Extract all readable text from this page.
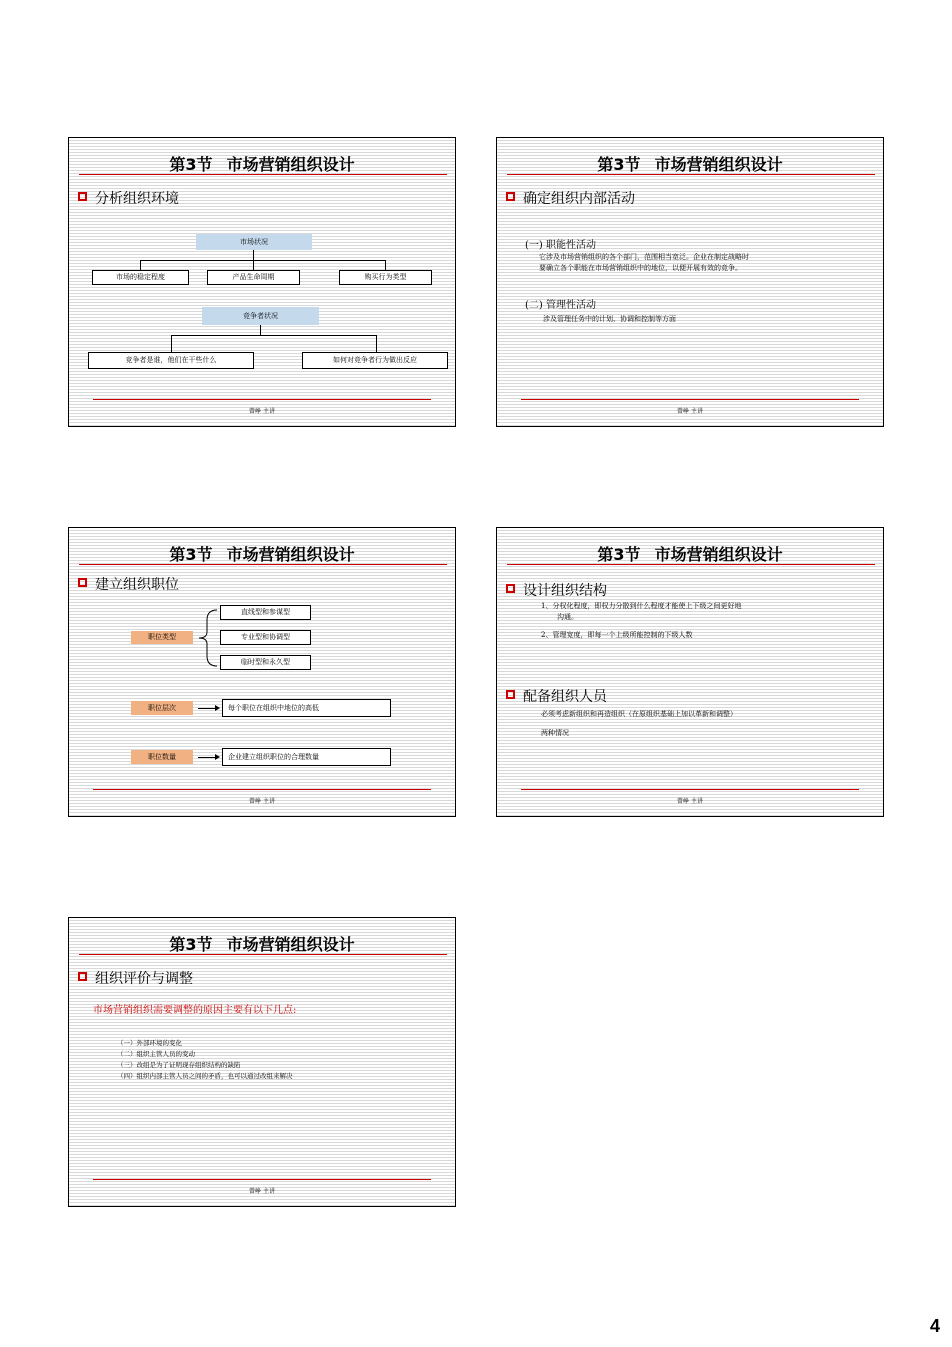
第3节 市场营销组织设计
分析组织环境
市场状况
市场的稳定程度	产品生命周期	购买行为类型
竞争者状况
竞争者是谁，他们在干些什么	如何对竞争者行为做出反应
曾峥 主讲
第3节 市场营销组织设计
确定组织内部活动
(一) 职能性活动
它涉及市场营销组织的各个部门，范围相当宽泛。企业在制定战略时
要确立各个职能在市场营销组织中的地位，以便开展有效的竞争。
(二) 管理性活动
涉及管理任务中的计划、协调和控制等方面
曾峥 主讲
第3节 市场营销组织设计
建立组织职位
职位类型
直线型和参谋型
专业型和协调型
临时型和永久型
职位层次	每个职位在组织中地位的高低
职位数量	企业建立组织职位的合理数量
曾峥 主讲
第3节 市场营销组织设计
设计组织结构
1、分权化程度，即权力分散到什么程度才能使上下级之间更好地
沟通。
2、管理宽度，即每一个上级所能控制的下级人数
配备组织人员
必须考虑新组织和再造组织（在原组织基础上加以革新和调整）
两种情况
曾峥 主讲
第3节 市场营销组织设计
组织评价与调整
市场营销组织需要调整的原因主要有以下几点:
（一）外部环境的变化
（二）组织主管人员的变动
（三）改组是为了证明现存组织结构的缺陷
（四）组织内部主管人员之间的矛盾，也可以通过改组来解决
曾峥 主讲
4
